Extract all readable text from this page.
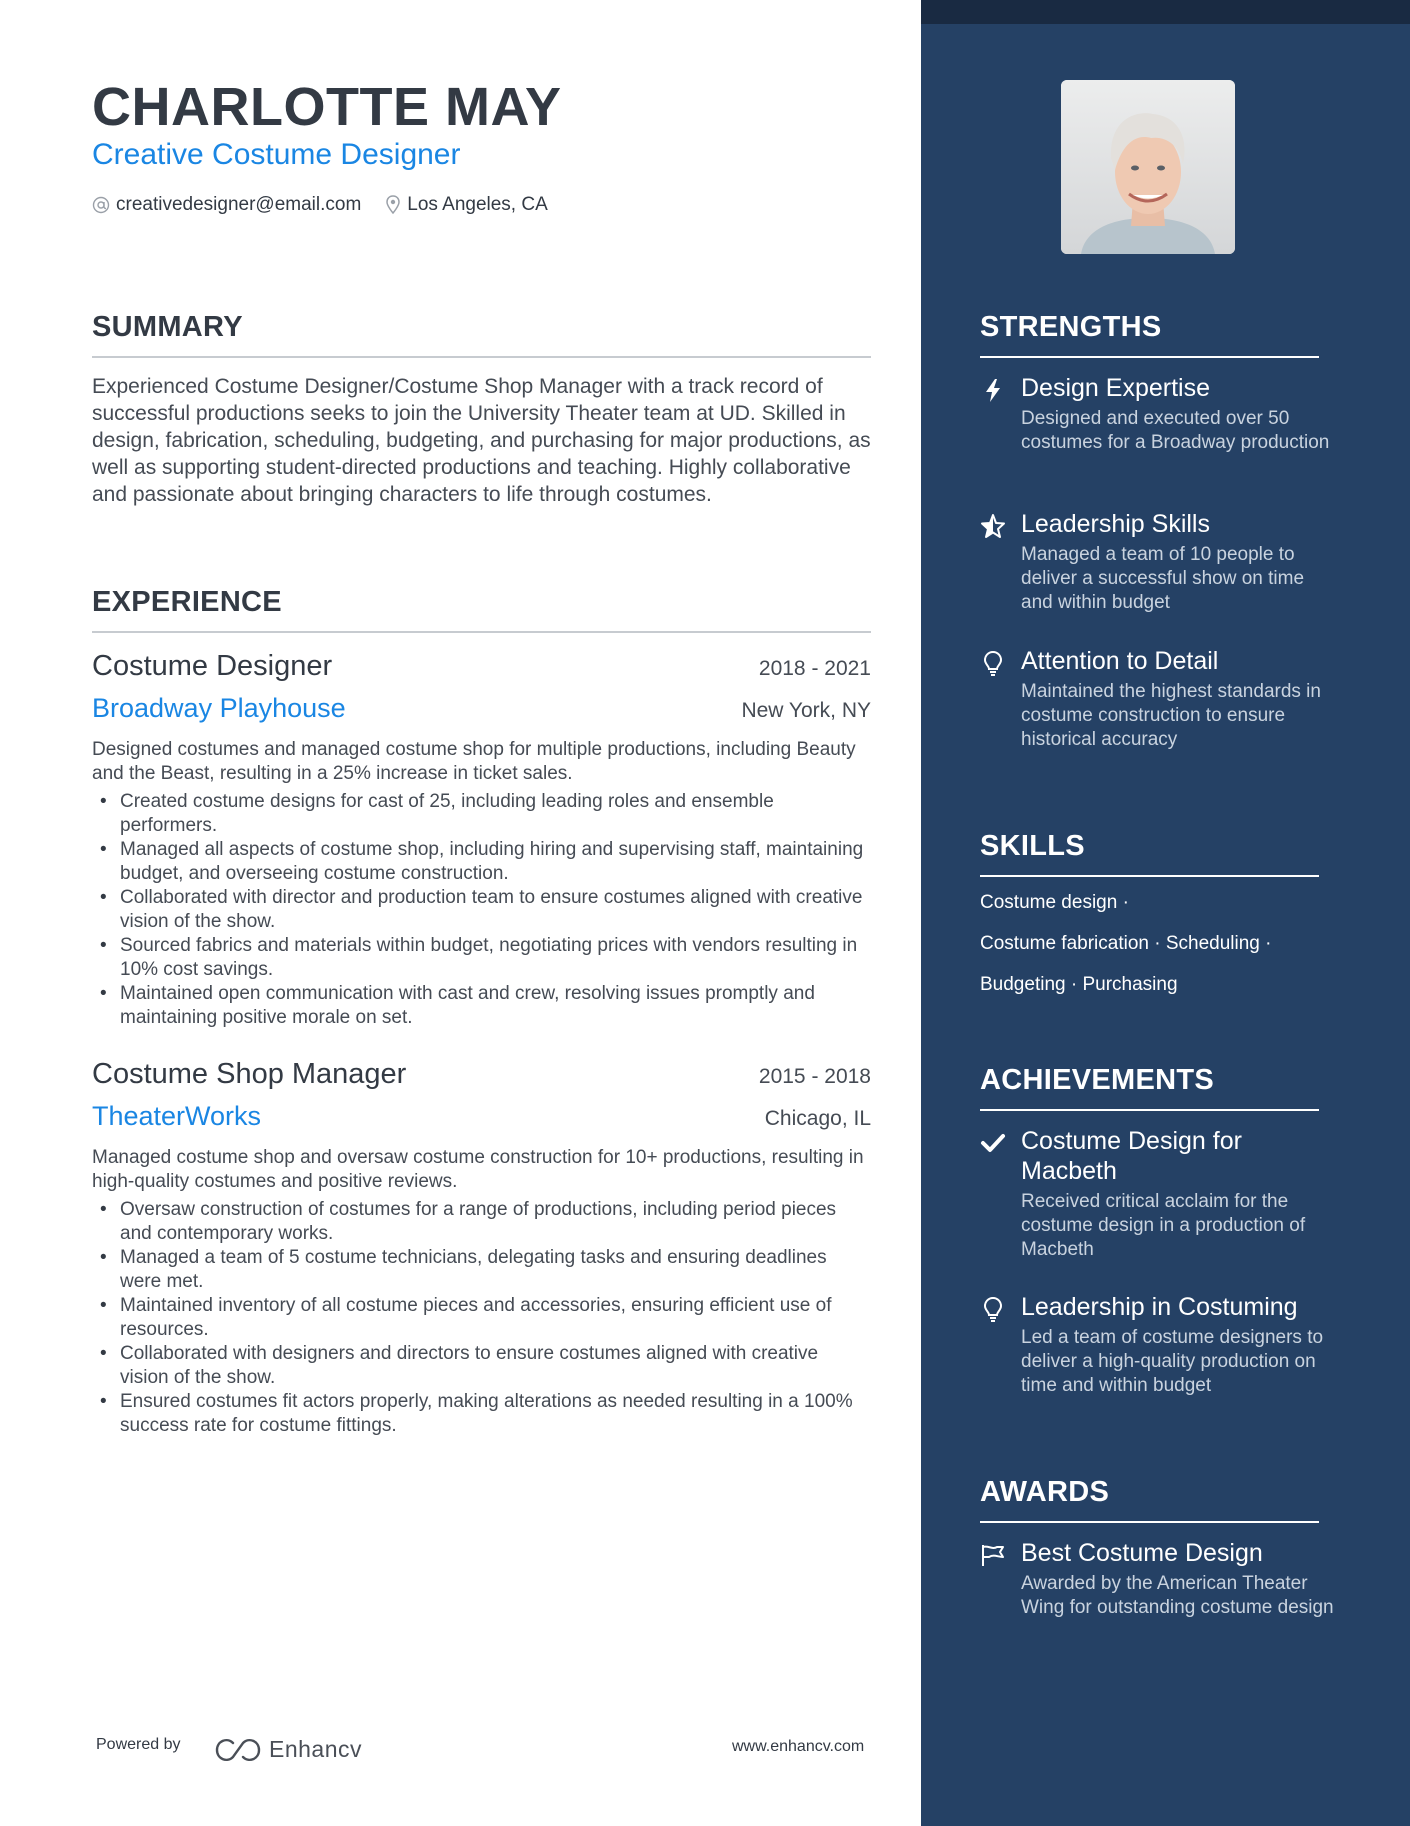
CHARLOTTE MAY
Creative Costume Designer
creativedesigner@email.com Los Angeles, CA
SUMMARY

Experienced Costume Designer/Costume Shop Manager with a track record of successful productions seeks to join the University Theater team at UD. Skilled in design, fabrication, scheduling, budgeting, and purchasing for major productions, as well as supporting student-directed productions and teaching. Highly collaborative and passionate about bringing characters to life through costumes.

EXPERIENCE
Costume Designer	2018 - 2021
Broadway Playhouse	New York, NY

Designed costumes and managed costume shop for multiple productions, including Beauty and the Beast, resulting in a 25% increase in ticket sales.

• Created costume designs for cast of 25, including leading roles and ensemble performers.
• Managed all aspects of costume shop, including hiring and supervising staff, maintaining budget, and overseeing costume construction.
• Collaborated with director and production team to ensure costumes aligned with creative vision of the show.
• Sourced fabrics and materials within budget, negotiating prices with vendors resulting in 10% cost savings.
• Maintained open communication with cast and crew, resolving issues promptly and maintaining positive morale on set.
Costume Shop Manager	2015 - 2018
TheaterWorks	Chicago, IL

Managed costume shop and oversaw costume construction for 10+ productions, resulting in high-quality costumes and positive reviews.

• Oversaw construction of costumes for a range of productions, including period pieces and contemporary works.
• Managed a team of 5 costume technicians, delegating tasks and ensuring deadlines were met.
• Maintained inventory of all costume pieces and accessories, ensuring efficient use of resources.
• Collaborated with designers and directors to ensure costumes aligned with creative vision of the show.
• Ensured costumes fit actors properly, making alterations as needed resulting in a 100% success rate for costume fittings.
Powered by	Enhancv	www.enhancv.com
STRENGTHS
Design Expertise
Designed and executed over 50 costumes for a Broadway production
Leadership Skills
Managed a team of 10 people to deliver a successful show on time and within budget
Attention to Detail
Maintained the highest standards in costume construction to ensure historical accuracy
SKILLS
Costume design ·
Costume fabrication · Scheduling ·
Budgeting · Purchasing
ACHIEVEMENTS
Costume Design for Macbeth
Received critical acclaim for the costume design in a production of Macbeth
Leadership in Costuming
Led a team of costume designers to deliver a high-quality production on time and within budget
AWARDS
Best Costume Design
Awarded by the American Theater Wing for outstanding costume design
